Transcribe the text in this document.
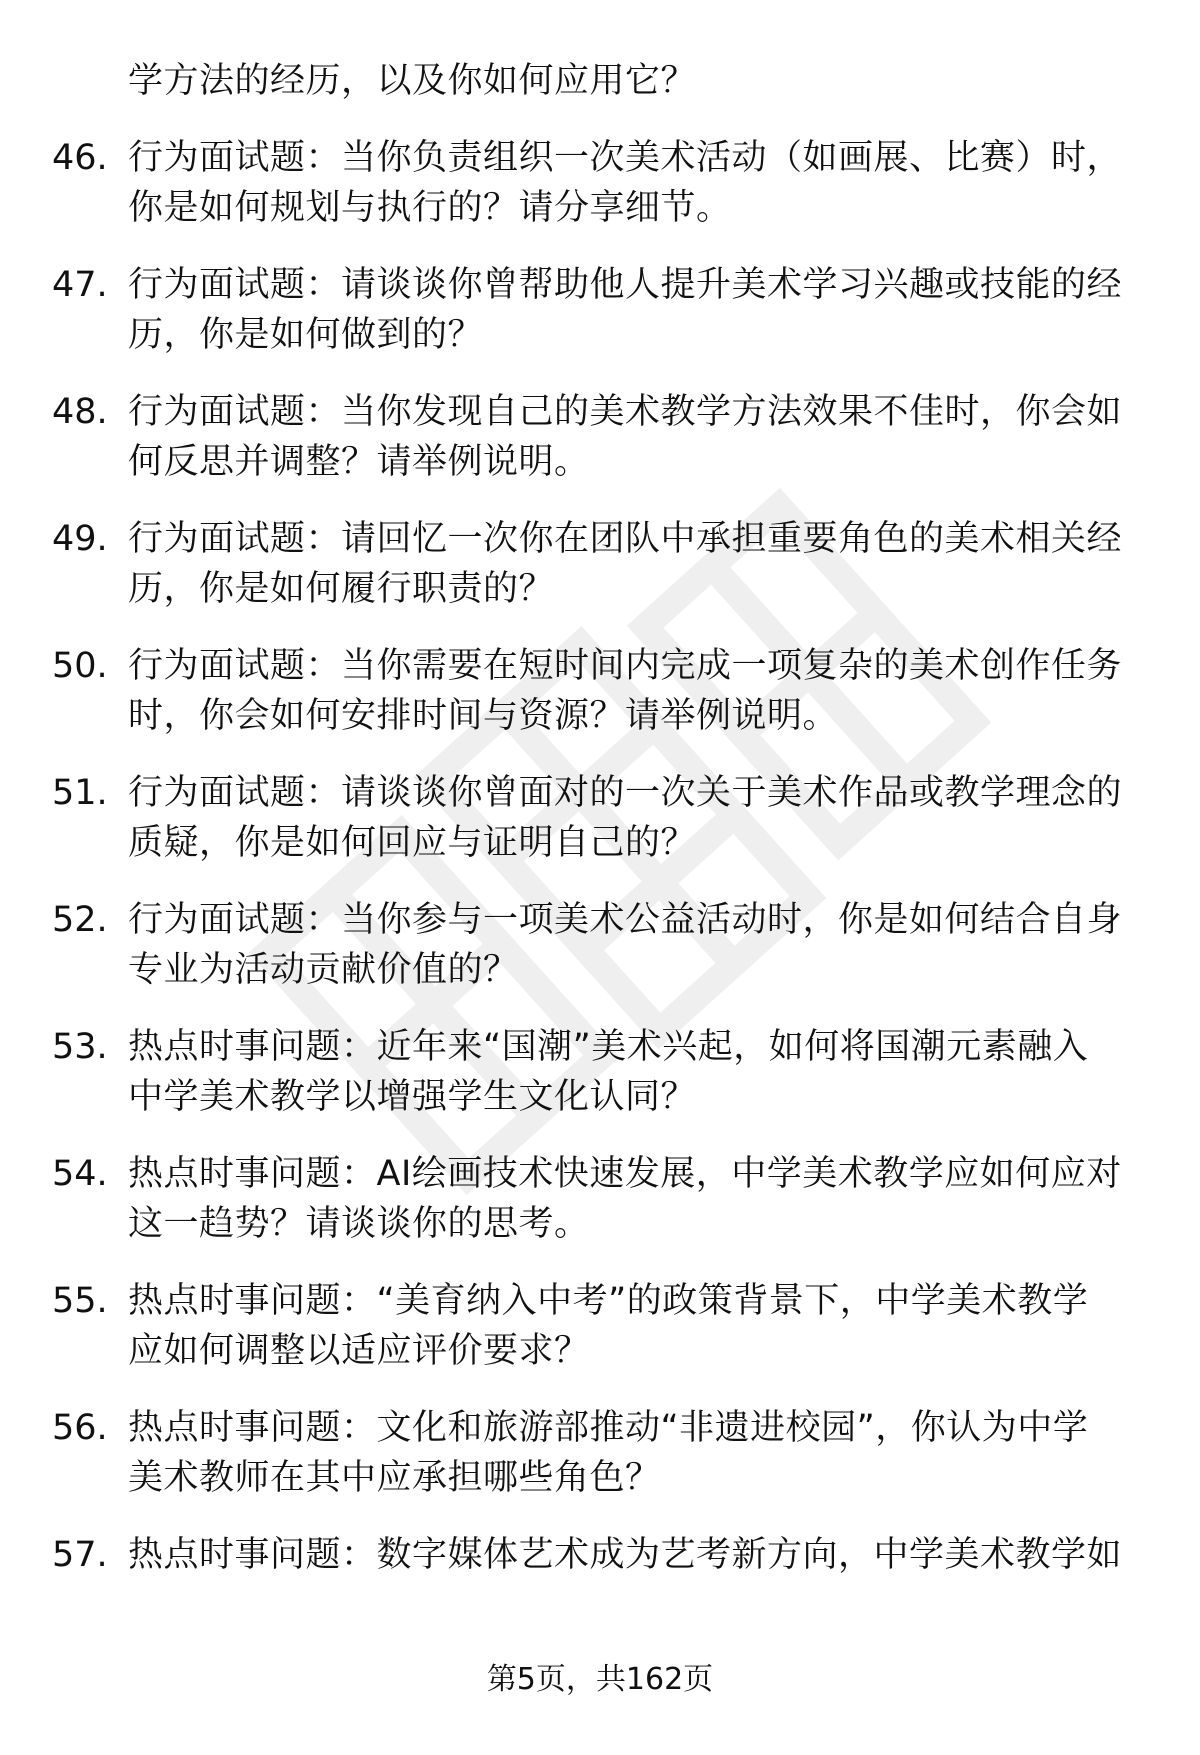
学方法的经历，以及你如何应用它？
46. 行为面试题：当你负责组织一次美术活动（如画展、比赛）时，
你是如何规划与执行的？请分享细节。
47. 行为面试题：请谈谈你曾帮助他人提升美术学习兴趣或技能的经
历，你是如何做到的？
48. 行为面试题：当你发现自己的美术教学方法效果不佳时，你会如
何反思并调整？请举例说明。
49. 行为面试题：请回忆一次你在团队中承担重要角色的美术相关经
历，你是如何履行职责的？
50. 行为面试题：当你需要在短时间内完成一项复杂的美术创作任务
时，你会如何安排时间与资源？请举例说明。
51. 行为面试题：请谈谈你曾面对的一次关于美术作品或教学理念的
质疑，你是如何回应与证明自己的？
52. 行为面试题：当你参与一项美术公益活动时，你是如何结合自身
专业为活动贡献价值的？
53. 热点时事问题：近年来“国潮”美术兴起，如何将国潮元素融入
中学美术教学以增强学生文化认同？
54. 热点时事问题：AI绘画技术快速发展，中学美术教学应如何应对
这一趋势？请谈谈你的思考。
55. 热点时事问题：“美育纳入中考”的政策背景下，中学美术教学
应如何调整以适应评价要求？
56. 热点时事问题：文化和旅游部推动“非遗进校园”，你认为中学
美术教师在其中应承担哪些角色？
57. 热点时事问题：数字媒体艺术成为艺考新方向，中学美术教学如
第5页，共162页
